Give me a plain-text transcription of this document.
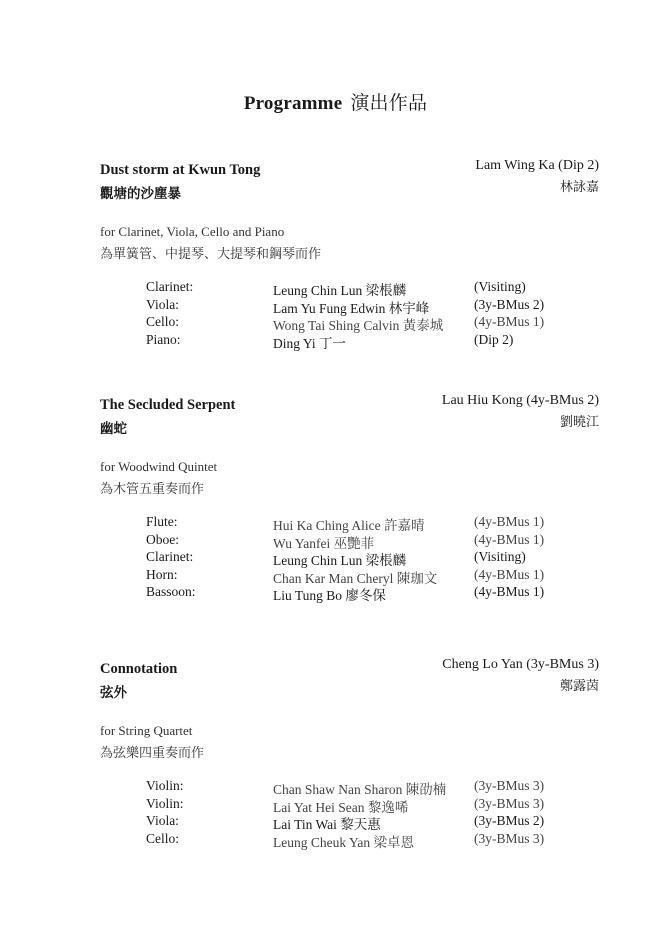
Programme 演出作品
Dust storm at Kwun Tong
觀塘的沙塵暴
Lam Wing Ka (Dip 2)
林詠嘉
for Clarinet, Viola, Cello and Piano
為單簧管、中提琴、大提琴和鋼琴而作
Clarinet:	Leung Chin Lun 梁棖麟	(Visiting)
Viola:	Lam Yu Fung Edwin 林宇峰	(3y-BMus 2)
Cello:	Wong Tai Shing Calvin 黃泰城 (4y-BMus 1)
Piano:	Ding Yi 丁一	(Dip 2)
The Secluded Serpent
幽蛇
Lau Hiu Kong (4y-BMus 2)
劉曉江
for Woodwind Quintet
為木管五重奏而作
Flute:	Hui Ka Ching Alice 許嘉晴	(4y-BMus 1)
Oboe:	Wu Yanfei 巫艷菲	(4y-BMus 1)
Clarinet:	Leung Chin Lun 梁棖麟	(Visiting)
Horn:	Chan Kar Man Cheryl 陳珈文	(4y-BMus 1)
Bassoon:	Liu Tung Bo 廖冬保	(4y-BMus 1)
Connotation
弦外
Cheng Lo Yan (3y-BMus 3)
鄭露茵
for String Quartet
為弦樂四重奏而作
Violin:	Chan Shaw Nan Sharon 陳劭楠 (3y-BMus 3)
Violin:	Lai Yat Hei Sean 黎逸唏	(3y-BMus 3)
Viola:	Lai Tin Wai 黎天惠	(3y-BMus 2)
Cello:	Leung Cheuk Yan 梁卓恩	(3y-BMus 3)
